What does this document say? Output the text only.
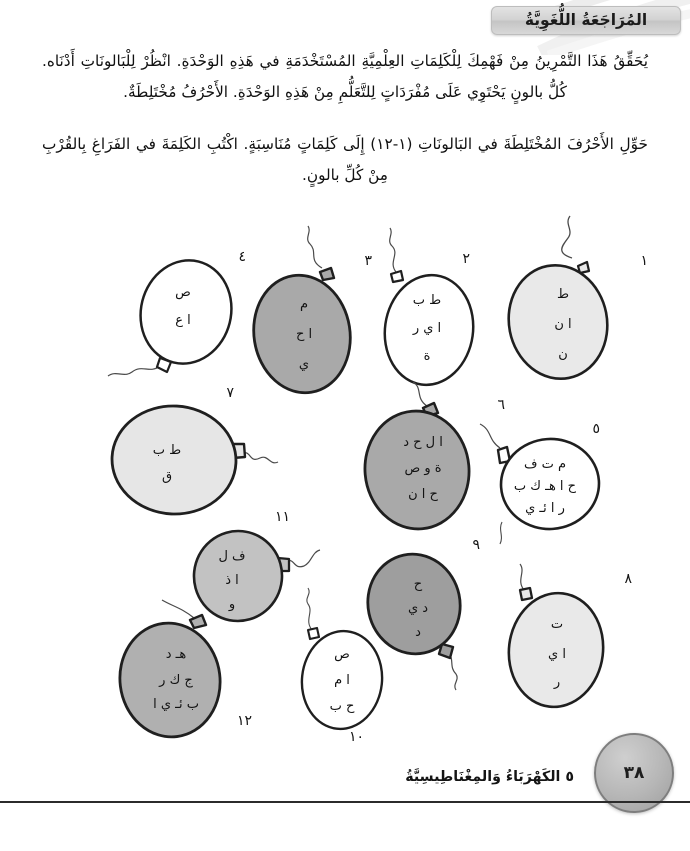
المُرَاجَعَةُ اللُّغَوِيَّةُ

يُحَقِّقُ هَذَا التَّمْرِينُ مِنْ فَهْمِكَ لِلْكَلِمَاتِ العِلْمِيَّةِ المُسْتَخْدَمَةِ في هَذِهِ الوَحْدَةِ. انْظُرْ لِلْبَالونَاتِ أَدْنَاه. كُلُّ بالونٍ يَحْتَوِي عَلَى مُفْرَدَاتٍ لِلتَّعَلُّمِ مِنْ هَذِهِ الوَحْدَةِ. الأَحْرُفُ مُخْتَلِطَةٌ.

حَوِّلِ الأَحْرُفَ المُخْتَلِطَةَ في البَالونَاتِ (١-١٢) إِلَى كَلِمَاتٍ مُنَاسِبَةٍ. اكْتُبِ الكَلِمَةَ في الفَرَاغِ بِالقُرْبِ مِنْ كُلِّ بالونٍ.

ط
ا ن
ن
١
ط ب
ا ي ر
ة
٢
م
ا ح
ي
٣
ص
ا ع
٤
م ت ف
ح ا هـ ك ب
ر ا ئـ ي
٥
ا ل ح د
ة و ص
ح ا ن
٦
ط ب
ق
٧
ت
ا ي
ر
٨
ح
د ي
د
٩
ص
ا م
ح ب
١٠
ف ل
ا ذ
و
١١
هـ د
ج ك ر
ب ئـ ي ا
١٢
٥ الكَهْرَبَاءُ وَالمِغْنَاطِيسِيَّةُ	٣٨
